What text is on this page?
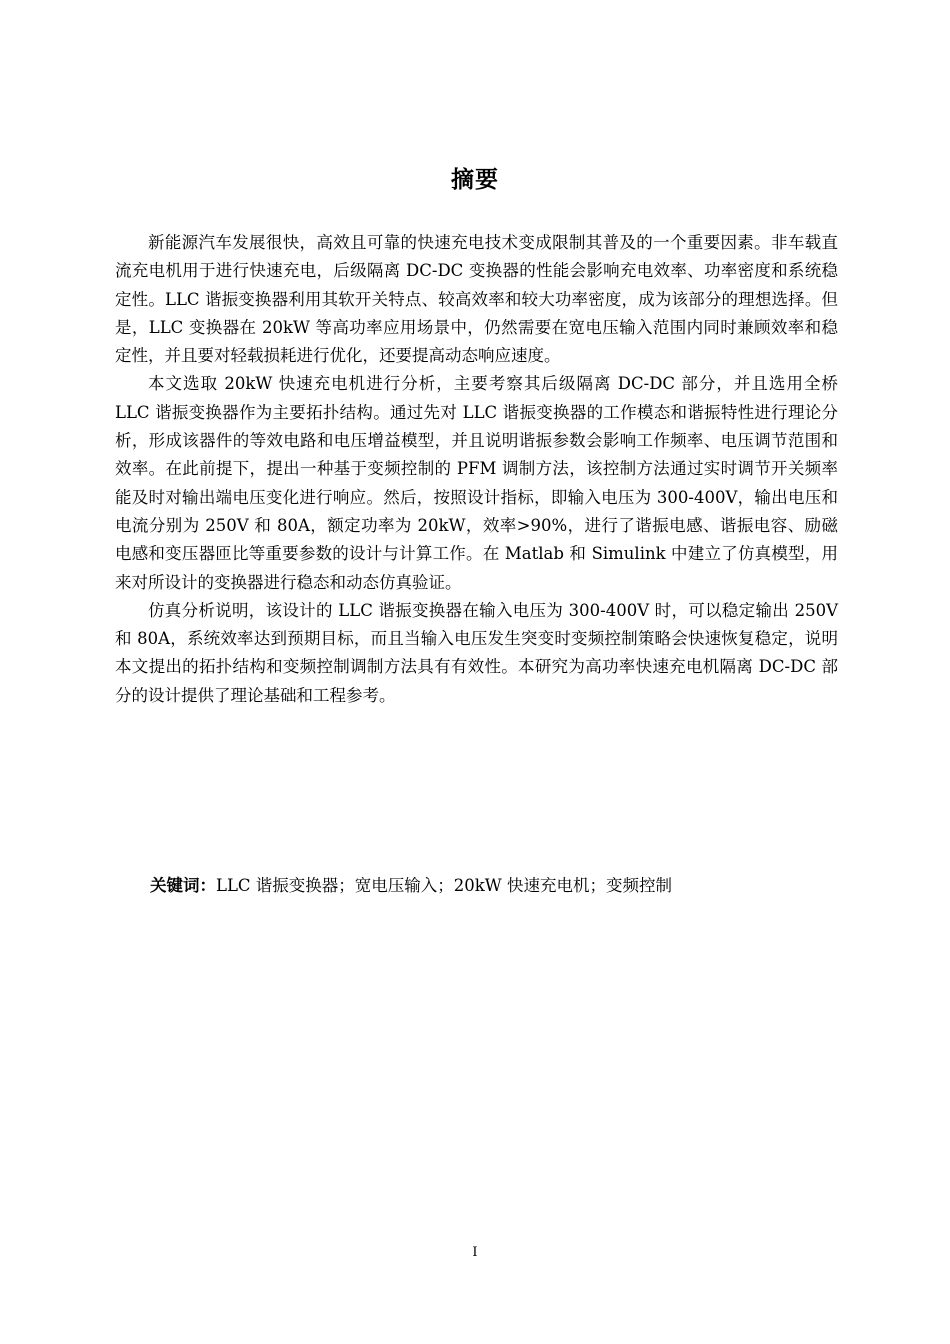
摘要

新能源汽车发展很快，高效且可靠的快速充电技术变成限制其普及的一个重要因素。非车载直流充电机用于进行快速充电，后级隔离 DC-DC 变换器的性能会影响充电效率、功率密度和系统稳定性。LLC 谐振变换器利用其软开关特点、较高效率和较大功率密度，成为该部分的理想选择。但是，LLC 变换器在 20kW 等高功率应用场景中，仍然需要在宽电压输入范围内同时兼顾效率和稳定性，并且要对轻载损耗进行优化，还要提高动态响应速度。

本文选取 20kW 快速充电机进行分析，主要考察其后级隔离 DC-DC 部分，并且选用全桥 LLC 谐振变换器作为主要拓扑结构。通过先对 LLC 谐振变换器的工作模态和谐振特性进行理论分析，形成该器件的等效电路和电压增益模型，并且说明谐振参数会影响工作频率、电压调节范围和效率。在此前提下，提出一种基于变频控制的 PFM 调制方法，该控制方法通过实时调节开关频率能及时对输出端电压变化进行响应。然后，按照设计指标，即输入电压为 300-400V，输出电压和电流分别为 250V 和 80A，额定功率为 20kW，效率>90%，进行了谐振电感、谐振电容、励磁电感和变压器匝比等重要参数的设计与计算工作。在 Matlab 和 Simulink 中建立了仿真模型，用来对所设计的变换器进行稳态和动态仿真验证。

仿真分析说明，该设计的 LLC 谐振变换器在输入电压为 300-400V 时，可以稳定输出 250V 和 80A，系统效率达到预期目标，而且当输入电压发生突变时变频控制策略会快速恢复稳定，说明本文提出的拓扑结构和变频控制调制方法具有有效性。本研究为高功率快速充电机隔离 DC-DC 部分的设计提供了理论基础和工程参考。

关键词：LLC 谐振变换器；宽电压输入；20kW 快速充电机；变频控制
I
